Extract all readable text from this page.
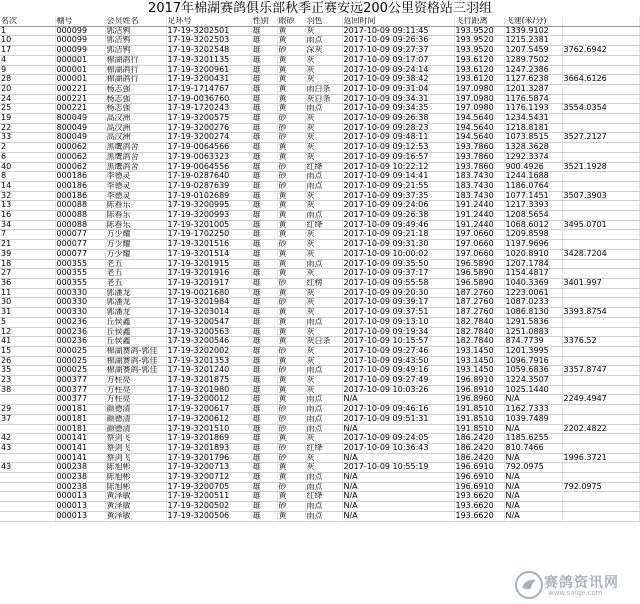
2017年棉湖赛鸽俱乐部秋季正赛安远200公里资格站三羽组
名次	棚号	会员姓名	足环号	性别	眼砂	羽色	返回时间	飞行距离	飞速(米/分)	
1	000099	郭洁鸦	17-19-3202501	雄	黄	灰	2017-10-09 09:11:45	193.9520	1339.9102	
10	000099	郭洁鸦	17-19-3202503	雄	黄	雨点	2017-10-09 09:26:36	193.9520	1215.2381	
17	000099	郭洁鸦	17-19-3202548	雄	砂	深灰	2017-10-09 09:27:37	193.9520	1207.5459	3762.6942
4	000001	棉湖鸽行	17-19-3201135	雄	黄	灰	2017-10-09 09:17:07	193.6120	1289.7502	
9	000001	棉湖鸽行	17-19-3200961	雄	黄	灰	2017-10-09 09:24:14	193.6120	1247.2386	
28	000001	棉湖鸽行	17-19-3200431	雄	黄	灰	2017-10-09 09:38:42	193.6120	1127.6238	3664.6126
20	000221	杨志强	17-19-1714767	雄	黄	雨白条	2017-10-09 09:31:04	197.0980	1201.3287	
24	000221	杨志强	17-19-0036760	雄	黄	灰白条	2017-10-09 09:34:31	197.0980	1176.5874	
25	000221	杨志强	17-19-1720243	雄	黄	雨点	2017-10-09 09:34:35	197.0980	1176.1193	3554.0354
19	800049	高汉洲	17-19-3200575	雄	砂	灰	2017-10-09 09:26:38	194.5640	1234.5431	
22	800049	高汉洲	17-19-3200276	雄	砂	灰	2017-10-09 09:28:23	194.5640	1218.8181	
33	800049	高汉洲	17-19-3200274	雄	砂	灰	2017-10-09 09:48:11	194.5640	1073.8515	3527.2127
2	000062	黑鹰鸽舍	17-19-0064566	雄	黄	灰	2017-10-09 09:12:53	193.7860	1328.3628	
6	000062	黑鹰鸽舍	17-19-0063323	雄	黄	灰	2017-10-09 09:16:57	193.7860	1292.3374	
40	000062	黑鹰鸽舍	17-19-0064556	雄	砂	红绛	2017-10-09 10:22:12	193.7860	900.4926	3521.1928
8	000186	李德灵	17-19-0287640	雄	砂	雨点	2017-10-09 09:14:41	183.7430	1244.1688	
14	000186	李德灵	17-19-0287639	雄	砂	雨点	2017-10-09 09:21:55	183.7430	1186.0764	
32	000186	李德灵	17-19-0102689	雄	黄	灰	2017-10-09 09:37:35	183.7430	1077.1451	3507.3903
13	000088	陈春乐	17-19-3200995	雄	黄	灰	2017-10-09 09:24:06	191.2440	1217.3393	
16	000088	陈春乐	17-19-3200993	雄	黄	雨点	2017-10-09 09:26:38	191.2440	1208.5654	
34	000088	陈春乐	17-19-3201005	雄	黄	红绛	2017-10-09 09:49:46	191.2440	1068.6012	3495.0701
7	000077	方少耀	17-19-1702250	雄	黄	灰	2017-10-09 09:21:18	197.0660	1209.8598	
21	000077	方少耀	17-19-3201516	雄	砂	灰	2017-10-09 09:31:30	197.0660	1197.9696	
39	000077	方少耀	17-19-3201514	雄	黄	灰	2017-10-09 10:00:02	197.0660	1020.8910	3428.7204
18	000355	老五	17-19-3201915	雄	黄	雨点	2017-10-09 09:35:50	196.5890	1207.1784	
27	000355	老五	17-19-3201916	雄	黄	灰	2017-10-09 09:37:17	196.5890	1154.4817	
36	000355	老五	17-19-3201917	雄	砂	红楞	2017-10-09 09:55:58	196.5890	1040.3369	3401.997
11	000330	郭潘龙	17-19-0021680	雄	黄	灰	2017-10-09 09:20:30	187.2760	1223.0061	
30	000330	郭潘龙	17-19-3201984	雄	砂	灰	2017-10-09 09:39:17	187.2760	1087.0233	
31	000330	郭潘龙	17-19-3203014	雄	黄	灰	2017-10-09 09:37:51	187.2760	1086.8130	3393.8754
5	000236	丘侯鑫	17-19-3200547	雄	黄	雨点	2017-10-09 09:13:10	182.7840	1291.5836	
12	000236	丘侯鑫	17-19-3200563	雄	黄	灰	2017-10-09 09:19:34	182.7840	1251.0883	
41	000236	丘侯鑫	17-19-3200546	雄	黄	灰白条	2017-10-09 10:15:57	182.7840	874.7739	3376.52
15	000025	棉湖赛鸽-郭佳	17-19-3202002	雄	砂	灰	2017-10-09 09:27:46	193.1450	1201.3995	
26	000025	棉湖赛鸽-郭佳	17-19-3201353	雄	黄	灰	2017-10-09 09:43:50	193.1450	1096.7916	
35	000025	棉湖赛鸽-郭佳	17-19-3201240	雄	砂	雨点	2017-10-09 09:49:16	193.1450	1059.6836	3357.8747
23	000377	方柱亮	17-19-3201875	雄	黄	灰	2017-10-09 09:27:49	196.8910	1224.3507	
38	000377	方柱亮	17-19-3201980	雄	黄	灰	2017-10-09 10:03:26	196.8910	1025.1440	
	000377	方柱亮	17-19-3200012	雄	黄	雨点	N/A	196.8960	N/A	2249.4947
29	000181	颜德清	17-19-3200617	雄	砂	雨点	2017-10-09 09:46:16	191.8510	1162.7333	
37	000181	颜德清	17-19-3200612	雄	砂	雨点	2017-10-09 09:51:31	191.8510	1039.7489	
	000181	颜德清	17-19-3201510	雄	砂	雨点	N/A	191.8510	N/A	2202.4822
42	000141	蔡剑飞	17-19-3201869	雄	黄	灰	2017-10-09 09:24:05	186.2420	1185.6255	
43	000141	蔡剑飞	17-19-3201893	雄	砂	红绛	2017-10-09 10:36:43	186.2420	810.7466	
	000141	蔡剑飞	17-19-3201796	雄	砂	灰	N/A	186.2420	N/A	1996.3721
43	000238	陈旭彬	17-19-3200713	雄	黄	灰	2017-10-09 10:55:19	196.6910	792.0975	
	000238	陈旭彬	17-19-3200712	雄	黄	雨点	N/A	196.6910	N/A	
	000238	陈旭彬	17-19-3200705	雄	砂	雨点	N/A	196.6910	N/A	792.0975
	000013	黄泽敏	17-19-3200511	雄	黄	红绛	N/A	193.6620	N/A	
	000013	黄泽敏	17-19-3200502	雄	砂	雨点	N/A	193.6620	N/A	
	000013	黄泽敏	17-19-3200506	雄	黄	雨点	N/A	193.6620	N/A	
赛鸽资讯网
www.saige.com
